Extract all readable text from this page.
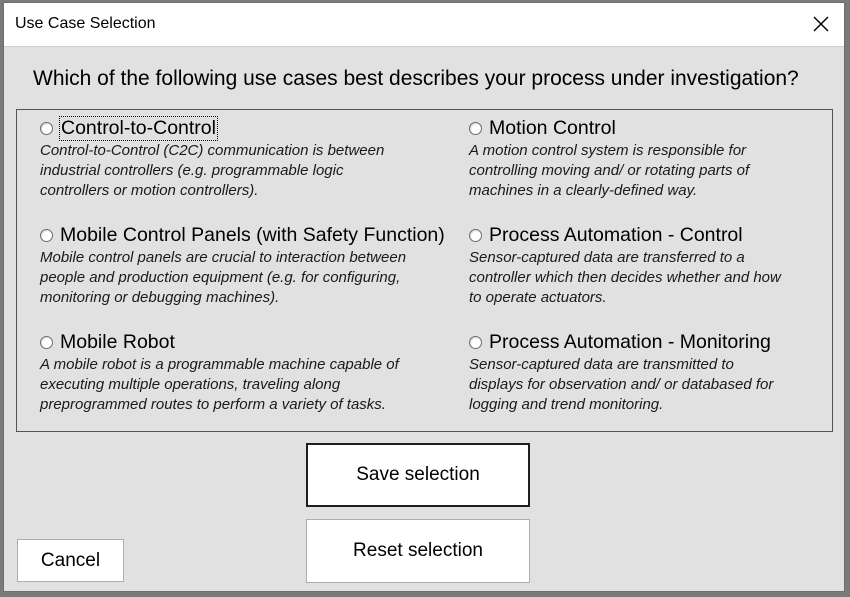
Use Case Selection
Which of the following use cases best describes your process under investigation?
Control-to-Control
Control-to-Control (C2C) communication is between
industrial controllers (e.g. programmable logic
controllers or motion controllers).
Motion Control
A motion control system is responsible for
controlling moving and/ or rotating parts of
machines in a clearly-defined way.
Mobile Control Panels (with Safety Function)
Mobile control panels are crucial to interaction between
people and production equipment (e.g. for configuring,
monitoring or debugging machines).
Process Automation - Control
Sensor-captured data are transferred to a
controller which then decides whether and how
to operate actuators.
Mobile Robot
A mobile robot is a programmable machine capable of
executing multiple operations, traveling along
preprogrammed routes to perform a variety of tasks.
Process Automation - Monitoring
Sensor-captured data are transmitted to
displays for observation and/ or databased for
logging and trend monitoring.
Save selection
Reset selection
Cancel
